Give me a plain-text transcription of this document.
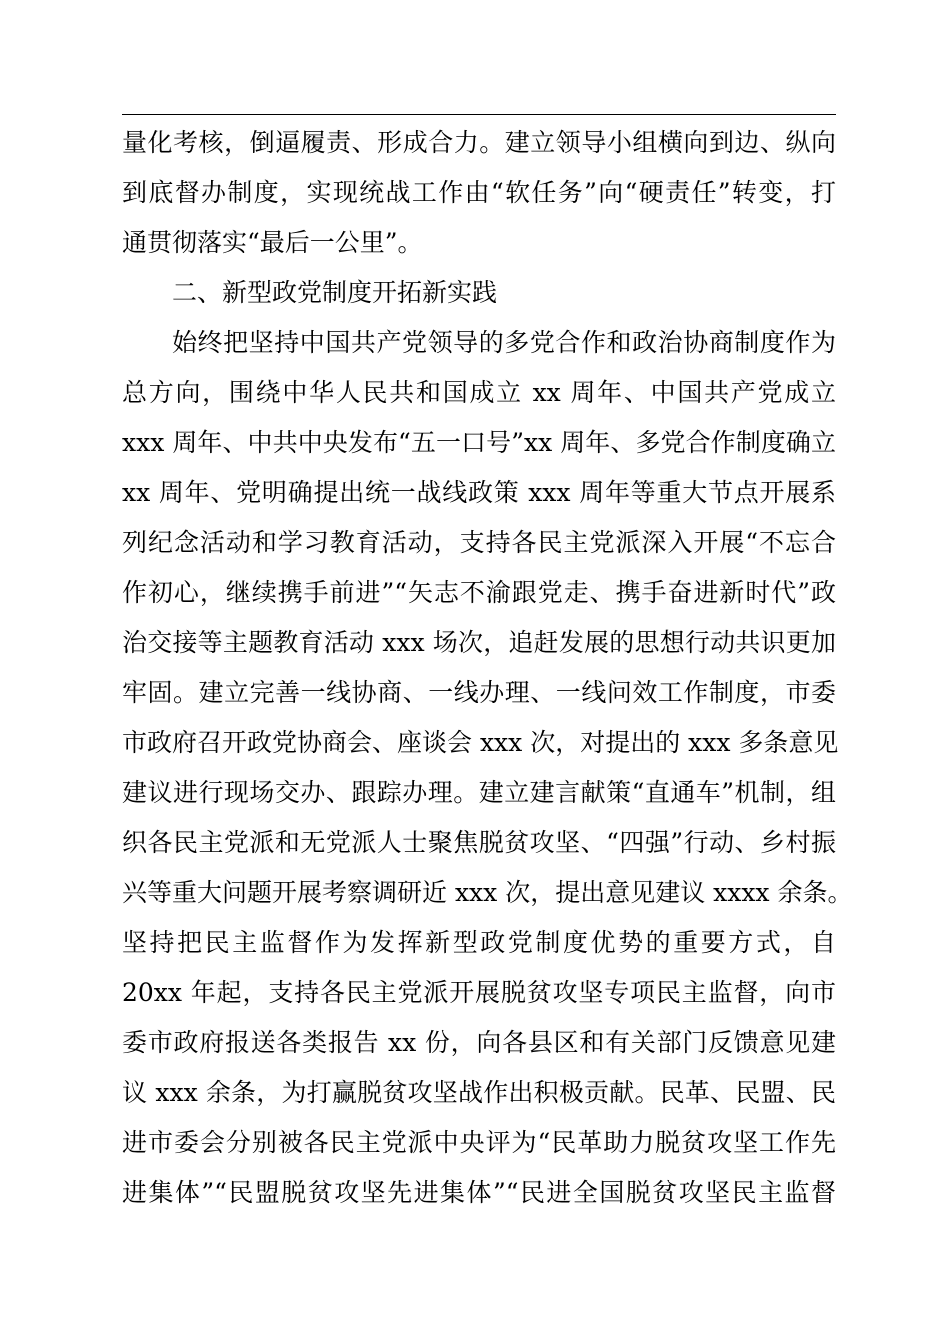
量化考核，倒逼履责、形成合力。建立领导小组横向到边、纵向
到底督办制度，实现统战工作由“软任务”向“硬责任”转变，打
通贯彻落实“最后一公里”。
二、新型政党制度开拓新实践
始终把坚持中国共产党领导的多党合作和政治协商制度作为
总方向，围绕中华人民共和国成立 xx 周年、中国共产党成立
xxx 周年、中共中央发布“五一口号”xx 周年、多党合作制度确立
xx 周年、党明确提出统一战线政策 xxx 周年等重大节点开展系
列纪念活动和学习教育活动，支持各民主党派深入开展“不忘合
作初心，继续携手前进”“矢志不渝跟党走、携手奋进新时代”政
治交接等主题教育活动 xxx 场次，追赶发展的思想行动共识更加
牢固。建立完善一线协商、一线办理、一线问效工作制度，市委
市政府召开政党协商会、座谈会 xxx 次，对提出的 xxx 多条意见
建议进行现场交办、跟踪办理。建立建言献策“直通车”机制，组
织各民主党派和无党派人士聚焦脱贫攻坚、“四强”行动、乡村振
兴等重大问题开展考察调研近 xxx 次，提出意见建议 xxxx 余条。
坚持把民主监督作为发挥新型政党制度优势的重要方式，自
20xx 年起，支持各民主党派开展脱贫攻坚专项民主监督，向市
委市政府报送各类报告 xx 份，向各县区和有关部门反馈意见建
议 xxx 余条，为打赢脱贫攻坚战作出积极贡献。民革、民盟、民
进市委会分别被各民主党派中央评为“民革助力脱贫攻坚工作先
进集体”“民盟脱贫攻坚先进集体”“民进全国脱贫攻坚民主监督
